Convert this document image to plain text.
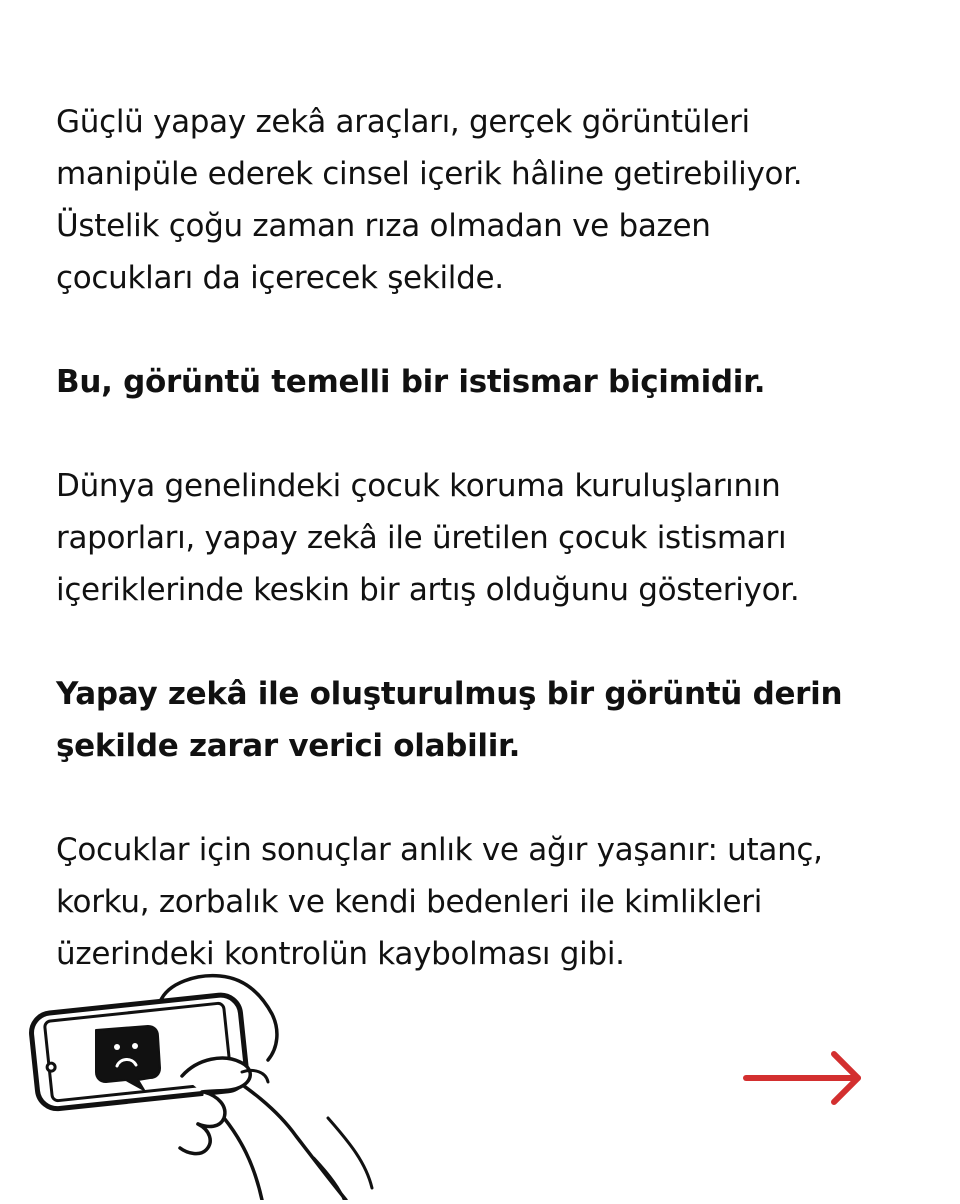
Güçlü yapay zekâ araçları, gerçek görüntüleri
manipüle ederek cinsel içerik hâline getirebiliyor.
Üstelik çoğu zaman rıza olmadan ve bazen
çocukları da içerecek şekilde.

Bu, görüntü temelli bir istismar biçimidir.

Dünya genelindeki çocuk koruma kuruluşlarının
raporları, yapay zekâ ile üretilen çocuk istismarı
içeriklerinde keskin bir artış olduğunu gösteriyor.

Yapay zekâ ile oluşturulmuş bir görüntü derin
şekilde zarar verici olabilir.

Çocuklar için sonuçlar anlık ve ağır yaşanır: utanç,
korku, zorbalık ve kendi bedenleri ile kimlikleri
üzerindeki kontrolün kaybolması gibi.
